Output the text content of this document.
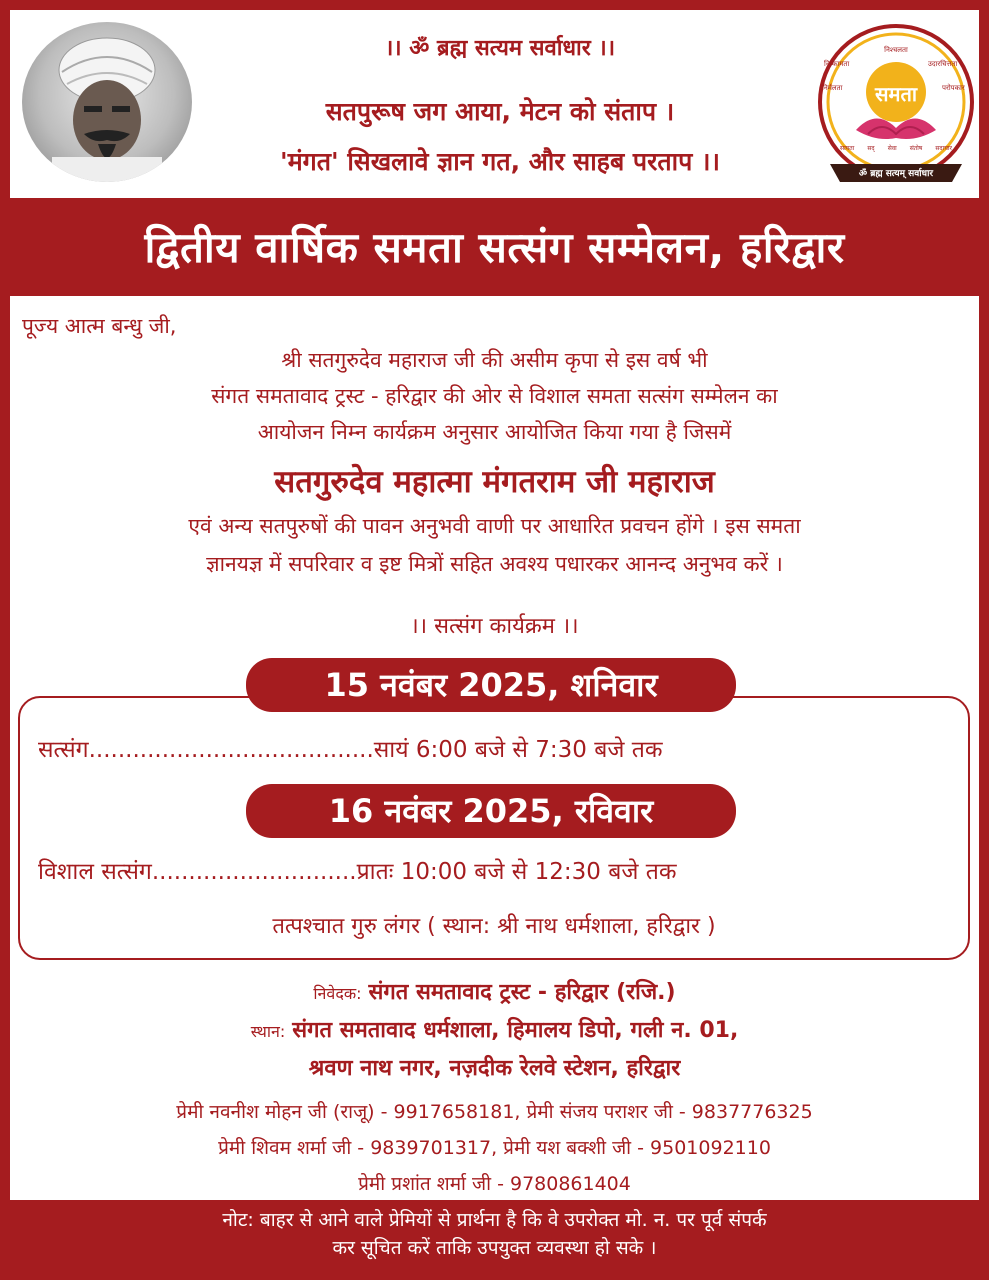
।। ॐ ब्रह्म सत्यम सर्वाधार ।।
सतपुरूष जग आया, मेटन को संताप ।
'मंगत' सिखलावे ज्ञान गत, और साहब परताप ।।
समता
निश्चलता
निष्कामता	उदारचित्तता
निर्मलता	परोपकार
सत्यता सद् सेवा संतोष सदाचार
ॐ ब्रह्म सत्यम् सर्वाधार
द्वितीय वार्षिक समता सत्संग सम्मेलन, हरिद्वार
पूज्य आत्म बन्धु जी,
श्री सतगुरुदेव महाराज जी की असीम कृपा से इस वर्ष भी
संगत समतावाद ट्रस्ट - हरिद्वार की ओर से विशाल समता सत्संग सम्मेलन का
आयोजन निम्न कार्यक्रम अनुसार आयोजित किया गया है जिसमें
सतगुरुदेव महात्मा मंगतराम जी महाराज
एवं अन्य सतपुरुषों की पावन अनुभवी वाणी पर आधारित प्रवचन होंगे । इस समता
ज्ञानयज्ञ में सपरिवार व इष्ट मित्रों सहित अवश्य पधारकर आनन्द अनुभव करें ।
।। सत्संग कार्यक्रम ।।
सत्संग.......................................सायं 6:00 बजे से 7:30 बजे तक
विशाल सत्संग............................प्रातः 10:00 बजे से 12:30 बजे तक
तत्पश्चात गुरु लंगर ( स्थान: श्री नाथ धर्मशाला, हरिद्वार )
15 नवंबर 2025, शनिवार
16 नवंबर 2025, रविवार
निवेदक: संगत समतावाद ट्रस्ट - हरिद्वार (रजि.)
स्थान: संगत समतावाद धर्मशाला, हिमालय डिपो, गली न. 01,
श्रवण नाथ नगर, नज़दीक रेलवे स्टेशन, हरिद्वार
प्रेमी नवनीश मोहन जी (राजू) - 9917658181, प्रेमी संजय पराशर जी - 9837776325
प्रेमी शिवम शर्मा जी - 9839701317, प्रेमी यश बक्शी जी - 9501092110
प्रेमी प्रशांत शर्मा जी - 9780861404
नोट: बाहर से आने वाले प्रेमियों से प्रार्थना है कि वे उपरोक्त मो. न. पर पूर्व संपर्क
कर सूचित करें ताकि उपयुक्त व्यवस्था हो सके ।
